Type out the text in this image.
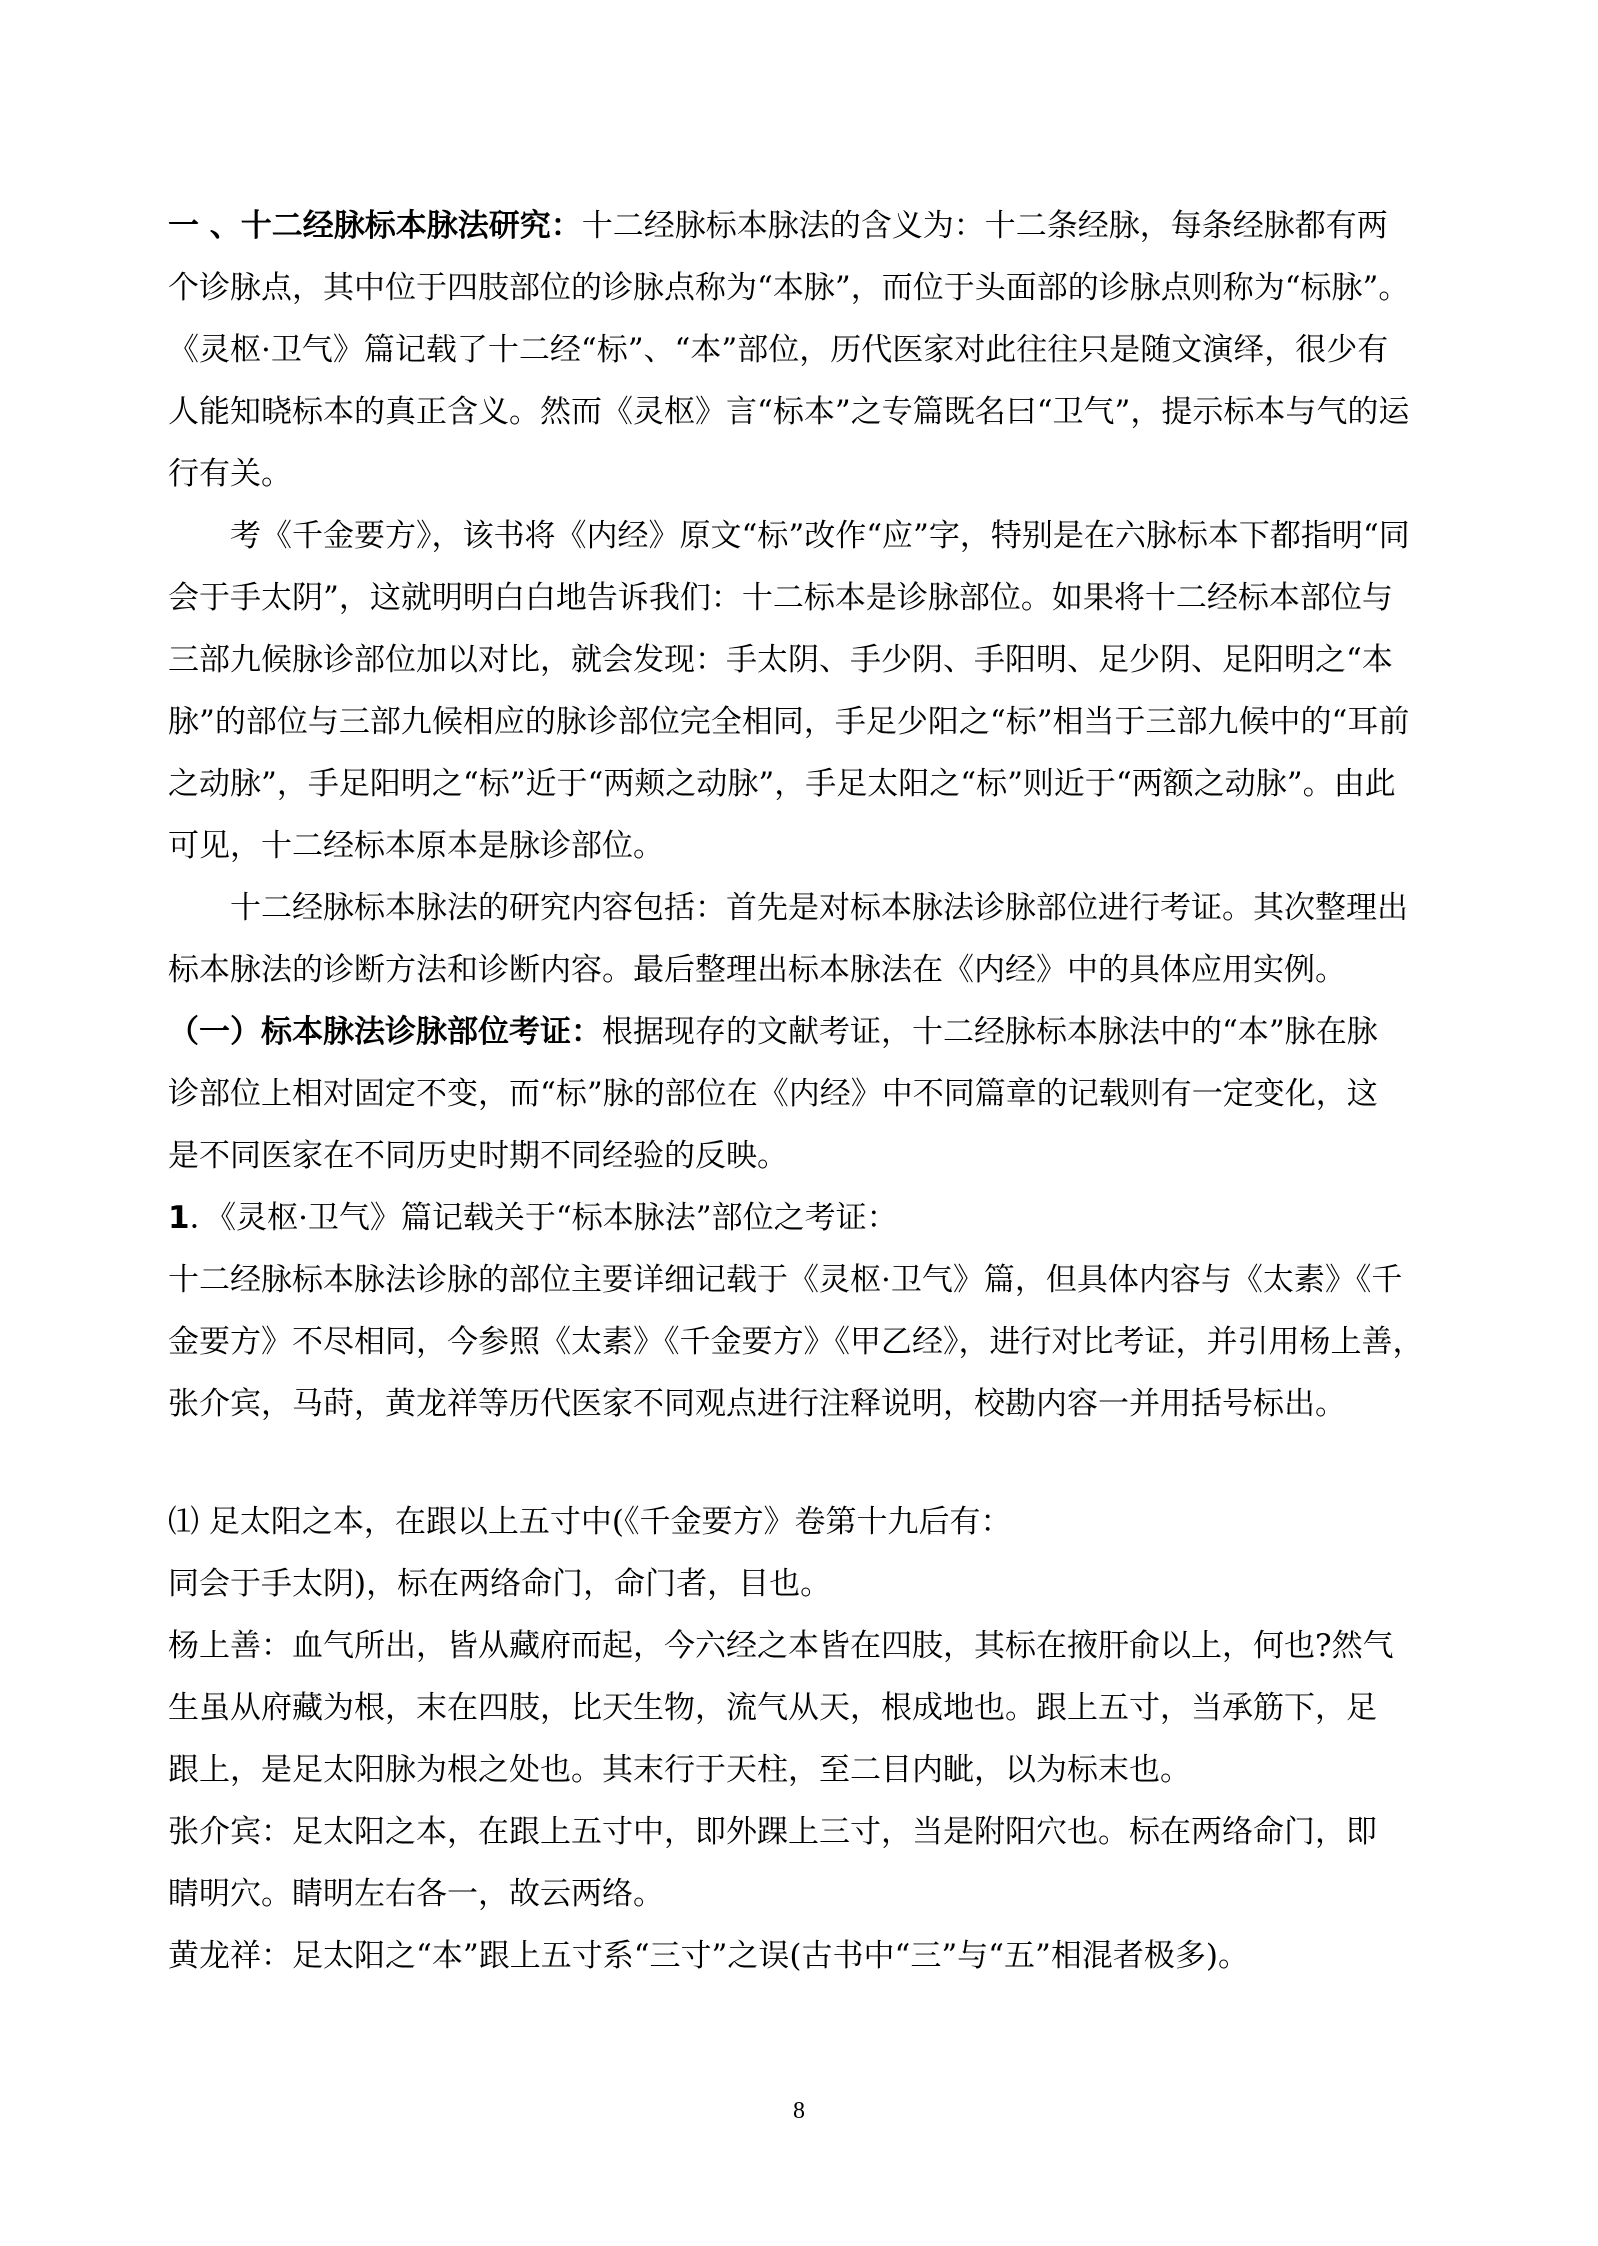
一 、十二经脉标本脉法研究：十二经脉标本脉法的含义为：十二条经脉，每条经脉都有两
个诊脉点，其中位于四肢部位的诊脉点称为“本脉”，而位于头面部的诊脉点则称为“标脉”。
《灵枢·卫气》篇记载了十二经“标”、“本”部位，历代医家对此往往只是随文演绎，很少有
人能知晓标本的真正含义。然而《灵枢》言“标本”之专篇既名曰“卫气”，提示标本与气的运
行有关。
考《千金要方》，该书将《内经》原文“标”改作“应”字，特别是在六脉标本下都指明“同
会于手太阴”，这就明明白白地告诉我们：十二标本是诊脉部位。如果将十二经标本部位与
三部九候脉诊部位加以对比，就会发现：手太阴、手少阴、手阳明、足少阴、足阳明之“本
脉”的部位与三部九候相应的脉诊部位完全相同，手足少阳之“标”相当于三部九候中的“耳前
之动脉”，手足阳明之“标”近于“两颊之动脉”，手足太阳之“标”则近于“两额之动脉”。由此
可见，十二经标本原本是脉诊部位。
十二经脉标本脉法的研究内容包括：首先是对标本脉法诊脉部位进行考证。其次整理出
标本脉法的诊断方法和诊断内容。最后整理出标本脉法在《内经》中的具体应用实例。
（一）标本脉法诊脉部位考证：根据现存的文献考证，十二经脉标本脉法中的“本”脉在脉
诊部位上相对固定不变，而“标”脉的部位在《内经》中不同篇章的记载则有一定变化，这
是不同医家在不同历史时期不同经验的反映。
1．《灵枢·卫气》篇记载关于“标本脉法”部位之考证：
十二经脉标本脉法诊脉的部位主要详细记载于《灵枢·卫气》篇，但具体内容与《太素》《千
金要方》不尽相同，今参照《太素》《千金要方》《甲乙经》，进行对比考证，并引用杨上善，
张介宾，马莳，黄龙祥等历代医家不同观点进行注释说明，校勘内容一并用括号标出。
⑴ 足太阳之本，在跟以上五寸中(《千金要方》卷第十九后有：
同会于手太阴)，标在两络命门，命门者，目也。
杨上善：血气所出，皆从藏府而起，今六经之本皆在四肢，其标在掖肝俞以上，何也?然气
生虽从府藏为根，末在四肢，比天生物，流气从天，根成地也。跟上五寸，当承筋下，足
跟上，是足太阳脉为根之处也。其末行于天柱，至二目内眦，以为标末也。
张介宾：足太阳之本，在跟上五寸中，即外踝上三寸，当是附阳穴也。标在两络命门，即
睛明穴。睛明左右各一，故云两络。
黄龙祥：足太阳之“本”跟上五寸系“三寸”之误(古书中“三”与“五”相混者极多)。
8
